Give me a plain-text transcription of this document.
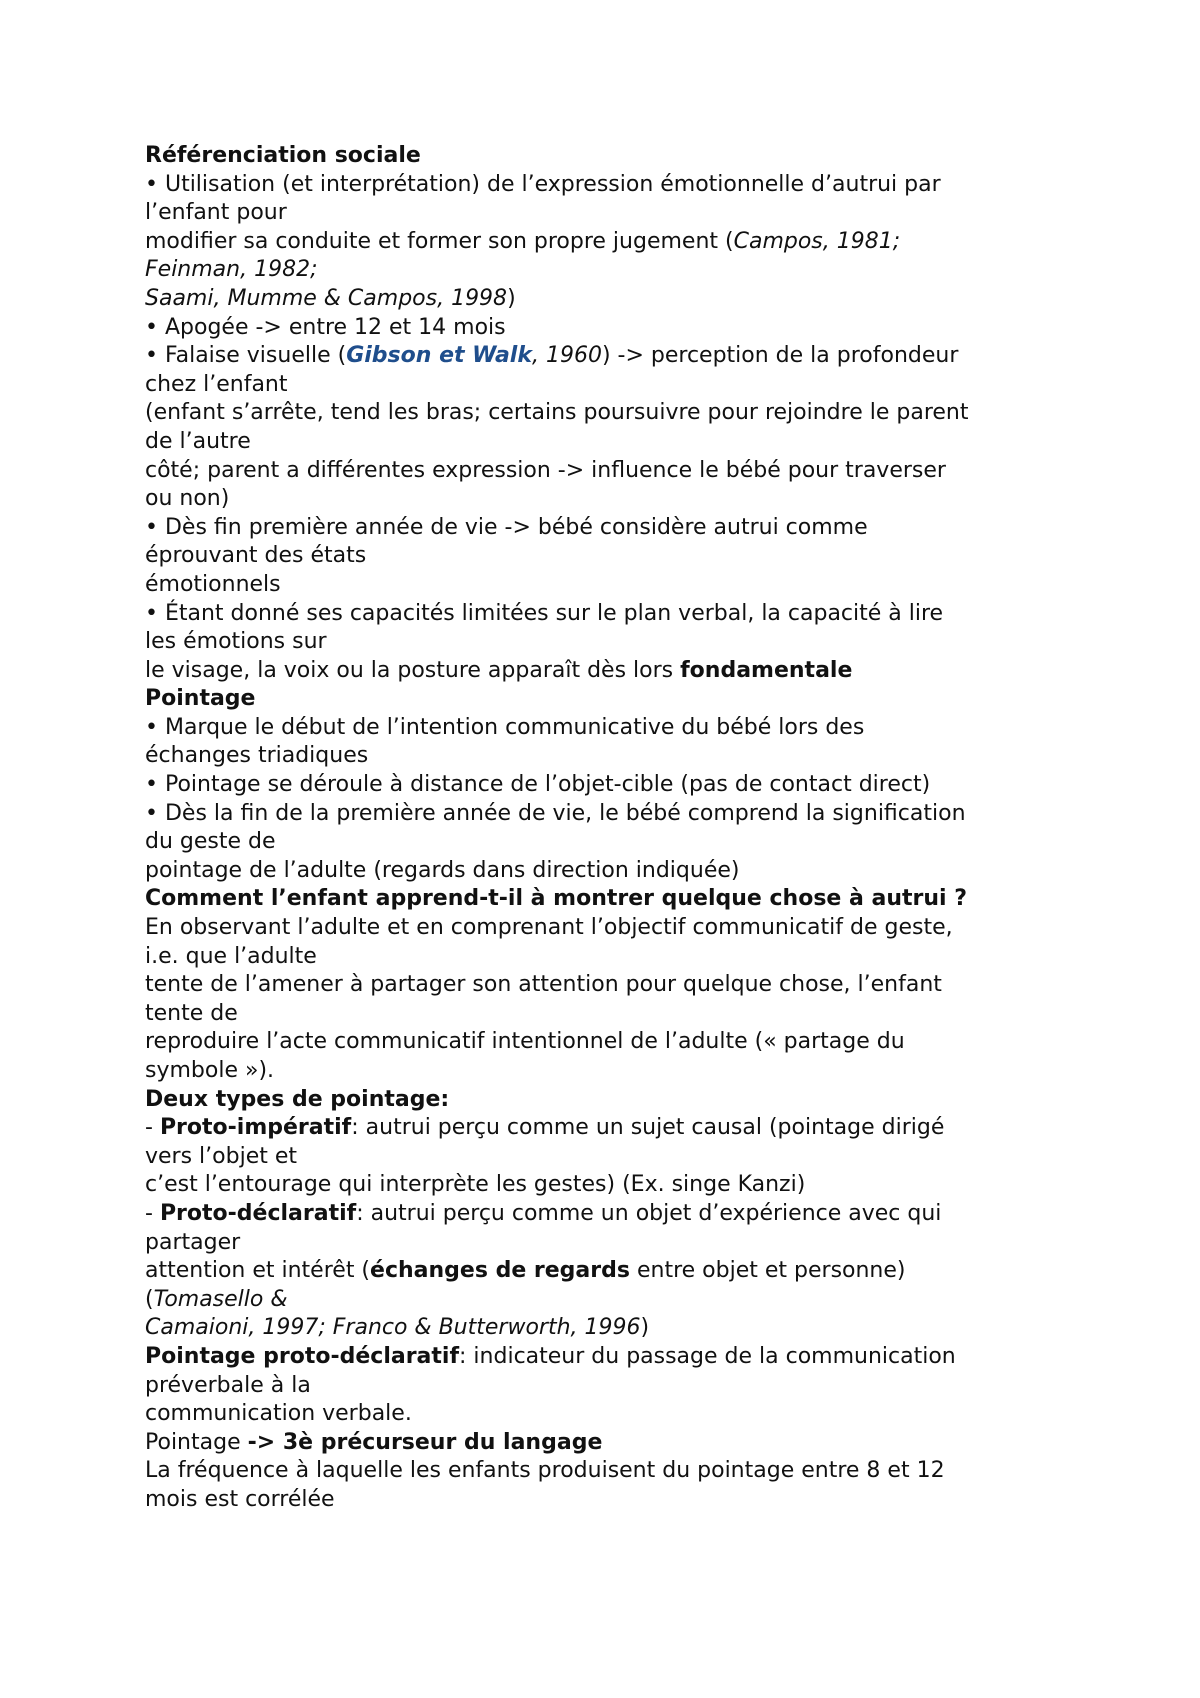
Référenciation sociale
• Utilisation (et interprétation) de l’expression émotionnelle d’autrui par
l’enfant pour
modifier sa conduite et former son propre jugement (Campos, 1981;
Feinman, 1982;
Saami, Mumme & Campos, 1998)
• Apogée -> entre 12 et 14 mois
• Falaise visuelle (Gibson et Walk, 1960) -> perception de la profondeur
chez l’enfant
(enfant s’arrête, tend les bras; certains poursuivre pour rejoindre le parent
de l’autre
côté; parent a différentes expression -> influence le bébé pour traverser
ou non)
• Dès fin première année de vie -> bébé considère autrui comme
éprouvant des états
émotionnels
• Étant donné ses capacités limitées sur le plan verbal, la capacité à lire
les émotions sur
le visage, la voix ou la posture apparaît dès lors fondamentale
Pointage
• Marque le début de l’intention communicative du bébé lors des
échanges triadiques
• Pointage se déroule à distance de l’objet-cible (pas de contact direct)
• Dès la fin de la première année de vie, le bébé comprend la signification
du geste de
pointage de l’adulte (regards dans direction indiquée)
Comment l’enfant apprend-t-il à montrer quelque chose à autrui ?
En observant l’adulte et en comprenant l’objectif communicatif de geste,
i.e. que l’adulte
tente de l’amener à partager son attention pour quelque chose, l’enfant
tente de
reproduire l’acte communicatif intentionnel de l’adulte (« partage du
symbole »).
Deux types de pointage:
- Proto-impératif: autrui perçu comme un sujet causal (pointage dirigé
vers l’objet et
c’est l’entourage qui interprète les gestes) (Ex. singe Kanzi)
- Proto-déclaratif: autrui perçu comme un objet d’expérience avec qui
partager
attention et intérêt (échanges de regards entre objet et personne)
(Tomasello &
Camaioni, 1997; Franco & Butterworth, 1996)
Pointage proto-déclaratif: indicateur du passage de la communication
préverbale à la
communication verbale.
Pointage -> 3è précurseur du langage
La fréquence à laquelle les enfants produisent du pointage entre 8 et 12
mois est corrélée
